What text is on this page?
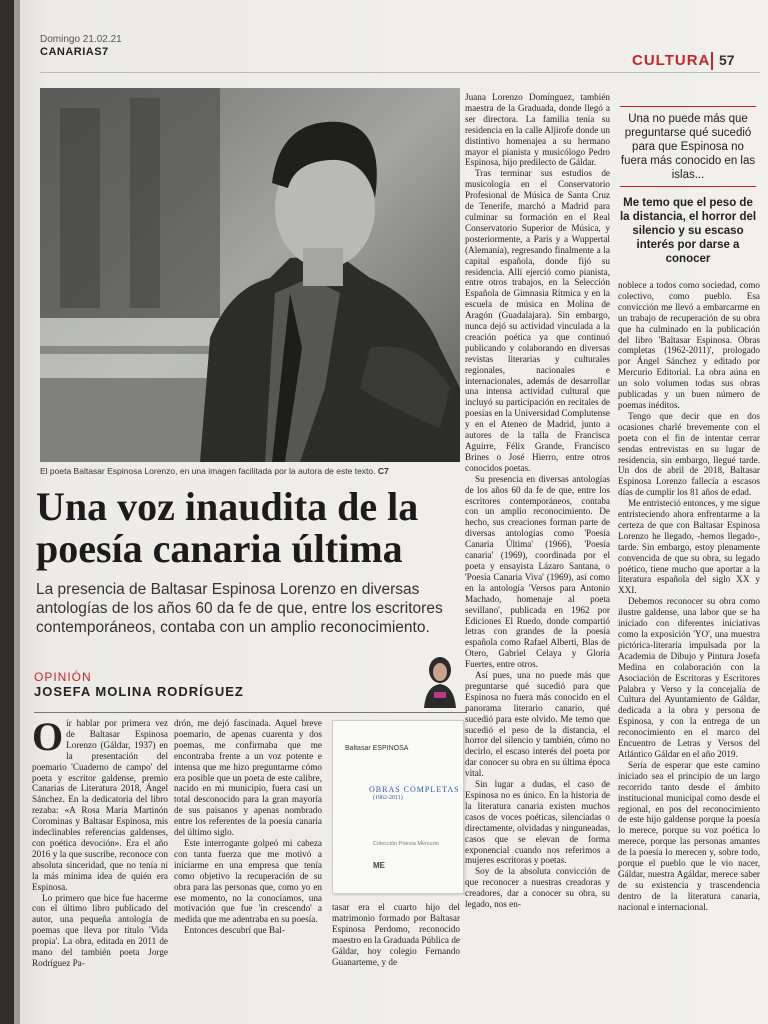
Domingo 21.02.21
CANARIAS7	CULTURA 57
El poeta Baltasar Espinosa Lorenzo, en una imagen facilitada por la autora de este texto. C7
Una voz inaudita de la
poesía canaria última
La presencia de Baltasar Espinosa Lorenzo en diversas antologías de los años 60 da fe de que, entre los escritores contemporáneos, contaba con un amplio reconocimiento.
OPINIÓN
JOSEFA MOLINA RODRÍGUEZ

Oír hablar por primera vez de Baltasar Espinosa Lorenzo (Gáldar, 1937) en la presentación del poemario 'Cuaderno de campo' del poeta y escritor galdense, premio Canarias de Literatura 2018, Ángel Sánchez. En la dedicatoria del libro rezaba: «A Rosa María Martinón Corominas y Baltasar Espinosa, mis indeclinables referencias galdenses, con poética devoción». Era el año 2016 y la que suscribe, reconoce con absoluta sinceridad, que no tenía ni la más mínima idea de quién era Espinosa.

Lo primero que hice fue hacerme con el último libro publicado del autor, una pequeña antología de poemas que lleva por título 'Vida propia'. La obra, editada en 2011 de mano del también poeta Jorge Rodríguez Pa-

drón, me dejó fascinada. Aquel breve poemario, de apenas cuarenta y dos poemas, me confirmaba que me encontraba frente a un voz potente e intensa que me hizo preguntarme cómo era posible que un poeta de este calibre, nacido en mi municipio, fuera casi un total desconocido para la gran mayoría de sus paisanos y apenas nombrado entre los referentes de la poesía canaria del último siglo.

Este interrogante golpeó mi cabeza con tanta fuerza que me motivó a iniciarme en una empresa que tenía como objetivo la recuperación de su obra para las personas que, como yo en ese momento, no la conocíamos, una motivación que fue 'in crescendo' a medida que me adentraba en su poesía.

Entonces descubrí que Bal-

Baltasar ESPINOSA
OBRAS COMPLETAS
(1962-2011)
Colección Poesía Mercurio
ME

tasar era el cuarto hijo del matrimonio formado por Baltasar Espinosa Perdomo, reconocido maestro en la Graduada Pública de Gáldar, hoy colegio Fernando Guanarteme, y de

Juana Lorenzo Domínguez, también maestra de la Graduada, donde llegó a ser directora. La familia tenía su residencia en la calle Aljirofe donde un distintivo homenajea a su hermano mayor el pianista y musicólogo Pedro Espinosa, hijo predilecto de Gáldar.

Tras terminar sus estudios de musicología en el Conservatorio Profesional de Música de Santa Cruz de Tenerife, marchó a Madrid para culminar su formación en el Real Conservatorio Superior de Música, y posteriormente, a París y a Wuppertal (Alemania), regresando finalmente a la capital española, donde fijó su residencia. Allí ejerció como pianista, entre otros trabajos, en la Selección Española de Gimnasia Rítmica y en la escuela de música en Molina de Aragón (Guadalajara). Sin embargo, nunca dejó su actividad vinculada a la creación poética ya que continuó publicando y colaborando en diversas revistas literarias y culturales regionales, nacionales e internacionales, además de desarrollar una intensa actividad cultural que incluyó su participación en recitales de poesías en la Universidad Complutense y en el Ateneo de Madrid, junto a autores de la talla de Francisca Aguirre, Félix Grande, Francisco Brines o José Hierro, entre otros conocidos poetas.

Su presencia en diversas antologías de los años 60 da fe de que, entre los escritores contemporáneos, contaba con un amplio reconocimiento. De hecho, sus creaciones forman parte de diversas antologías como 'Poesía Canaria Última' (1966), 'Poesía canaria' (1969), coordinada por el poeta y ensayista Lázaro Santana, o 'Poesía Canaria Viva' (1969), así como en la antología 'Versos para Antonio Machado, homenaje al poeta sevillano', publicada en 1962 por Ediciones El Ruedo, donde compartió letras con grandes de la poesía española como Rafael Alberti, Blas de Otero, Gabriel Celaya y Gloria Fuertes, entre otros.

Así pues, una no puede más que preguntarse qué sucedió para que Espinosa no fuera más conocido en el panorama literario canario, qué sucedió para este olvido. Me temo que sucedió el peso de la distancia, el horror del silencio y también, cómo no decirlo, el escaso interés del poeta por dar conocer su obra en su última época vital.

Sin lugar a dudas, el caso de Espinosa no es único. En la historia de la literatura canaria existen muchos casos de voces poéticas, silenciadas o directamente, olvidadas y ninguneadas, casos que se elevan de forma exponencial cuando nos referimos a mujeres escritoras y poetas.

Soy de la absoluta convicción de que reconocer a nuestras creadoras y creadores, dar a conocer su obra, su legado, nos en-

Una no puede más que preguntarse qué sucedió para que Espinosa no fuera más conocido en las islas...
Me temo que el peso de la distancia, el horror del silencio y su escaso interés por darse a conocer

noblece a todos como sociedad, como colectivo, como pueblo. Esa convicción me llevó a embarcarme en un trabajo de recuperación de su obra que ha culminado en la publicación del libro 'Baltasar Espinosa. Obras completas (1962-2011)', prologado por Ángel Sánchez y editado por Mercurio Editorial. La obra aúna en un solo volumen todas sus obras publicadas y un buen número de poemas inéditos.

Tengo que decir que en dos ocasiones charlé brevemente con el poeta con el fin de intentar cerrar sendas entrevistas en su lugar de residencia, sin embargo, llegué tarde. Un dos de abril de 2018, Baltasar Espinosa Lorenzo fallecía a escasos días de cumplir los 81 años de edad.

Me entristeció entonces, y me sigue entristeciendo ahora enfrentarme a la certeza de que con Baltasar Espinosa Lorenzo he llegado, -hemos llegado-, tarde. Sin embargo, estoy plenamente convencida de que su obra, su legado poético, tiene mucho que aportar a la literatura española del siglo XX y XXI.

Debemos reconocer su obra como ilustre galdense, una labor que se ha iniciado con diferentes iniciativas como la exposición 'YO', una muestra pictórica-literaria impulsada por la Academia de Dibujo y Pintura Josefa Medina en colaboración con la Asociación de Escritoras y Escritores Palabra y Verso y la concejalía de Cultura del Ayuntamiento de Gáldar, dedicada a la obra y persona de Espinosa, y con la entrega de un reconocimiento en el marco del Encuentro de Letras y Versos del Atlántico Gáldar en el año 2019.

Sería de esperar que este camino iniciado sea el principio de un largo recorrido tanto desde el ámbito institucional municipal como desde el regional, en pos del reconocimiento de este hijo galdense porque la poesía lo merece, porque su voz poética lo merece, porque las personas amantes de la poesía lo merecen y, sobre todo, porque el pueblo que le vio nacer, Gáldar, nuestra Agáldar, merece saber de su existencia y trascendencia dentro de la literatura canaria, nacional e internacional.
